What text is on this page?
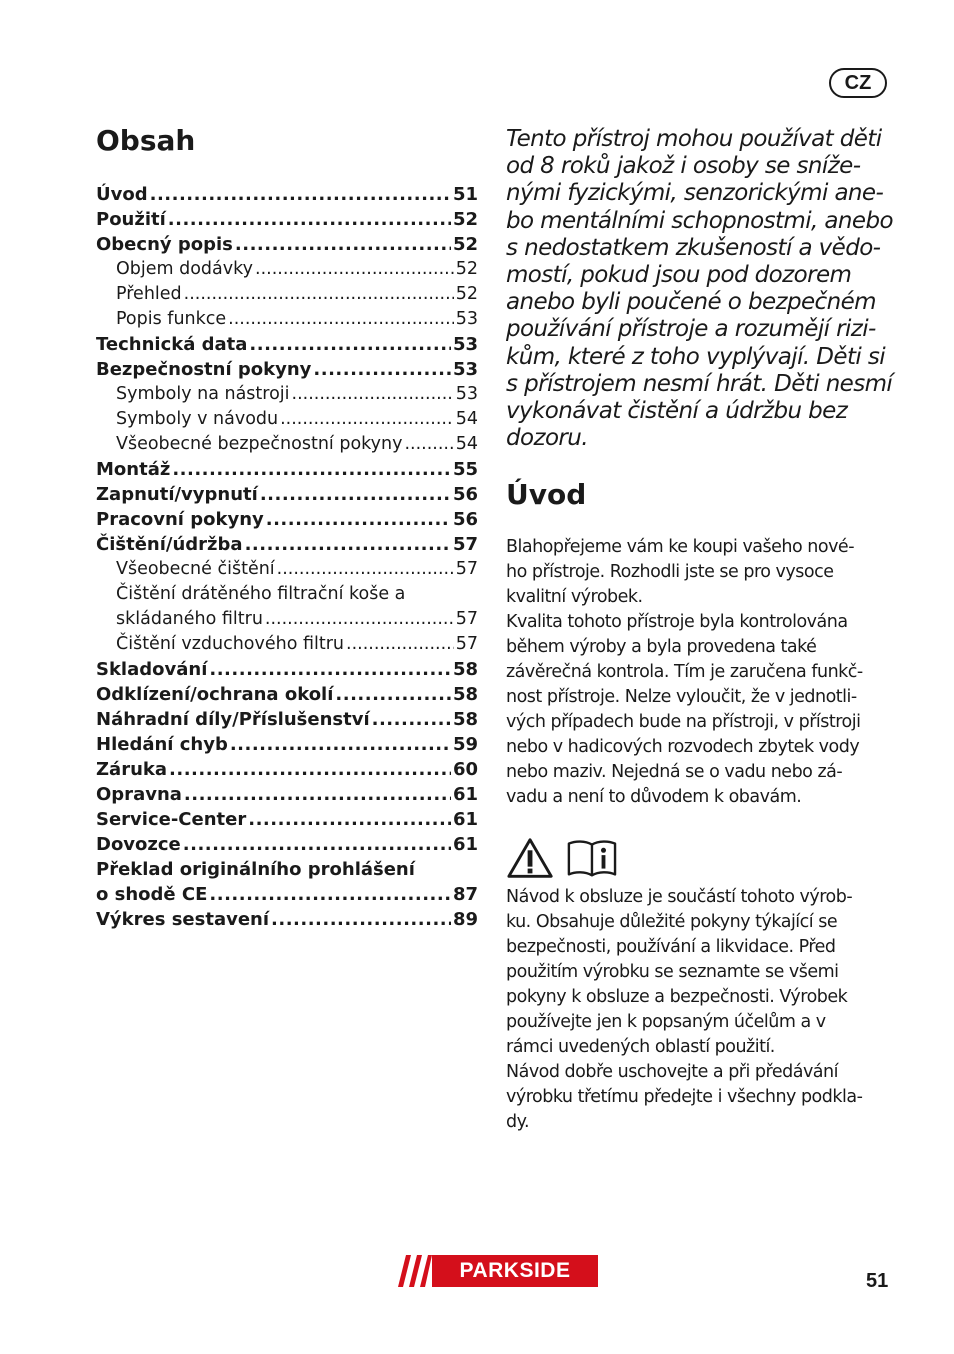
CZ
Obsah
Úvod .....	51
Použití .....	52
Obecný popis .....	52
Objem dodávky .....	52
Přehled .....	52
Popis funkce .....	53
Technická data .....	53
Bezpečnostní pokyny .....	53
Symboly na nástroji .....	53
Symboly v návodu .....	54
Všeobecné bezpečnostní pokyny .....	54
Montáž .....	55
Zapnutí/vypnutí .....	56
Pracovní pokyny .....	56
Čištění/údržba .....	57
Všeobecné čištění .....	57
Čištění drátěného filtrační koše a
skládaného filtru .....	57
Čištění vzduchového filtru .....	57
Skladování .....	58
Odklízení/ochrana okolí .....	58
Náhradní díly/Příslušenství .....	58
Hledání chyb .....	59
Záruka .....	60
Opravna .....	61
Service-Center .....	61
Dovozce .....	61
Překlad originálního prohlášení
o shodě CE .....	87
Výkres sestavení .....	89

Tento přístroj mohou používat děti
od 8 roků jakož i osoby se sníže-
nými fyzickými, senzorickými ane-
bo mentálními schopnostmi, anebo
s nedostatkem zkušeností a vědo-
mostí, pokud jsou pod dozorem
anebo byli poučené o bezpečném
používání přístroje a rozumějí rizi-
kům, které z toho vyplývají. Děti si
s přístrojem nesmí hrát. Děti nesmí
vykonávat čistění a údržbu bez
dozoru.

Úvod

Blahopřejeme vám ke koupi vašeho nové-
ho přístroje. Rozhodli jste se pro vysoce
kvalitní výrobek.
Kvalita tohoto přístroje byla kontrolována
během výroby a byla provedena také
závěrečná kontrola. Tím je zaručena funkč-
nost přístroje. Nelze vyloučit, že v jednotli-
vých případech bude na přístroji, v přístroji
nebo v hadicových rozvodech zbytek vody
nebo maziv. Nejedná se o vadu nebo zá-
vadu a není to důvodem k obavám.

Návod k obsluze je součástí tohoto výrob-
ku. Obsahuje důležité pokyny týkající se
bezpečnosti, používání a likvidace. Před
použitím výrobku se seznamte se všemi
pokyny k obsluze a bezpečnosti. Výrobek
používejte jen k popsaným účelům a v
rámci uvedených oblastí použití.
Návod dobře uschovejte a při předávání
výrobku třetímu předejte i všechny podkla-
dy.

PARKSIDE	51
